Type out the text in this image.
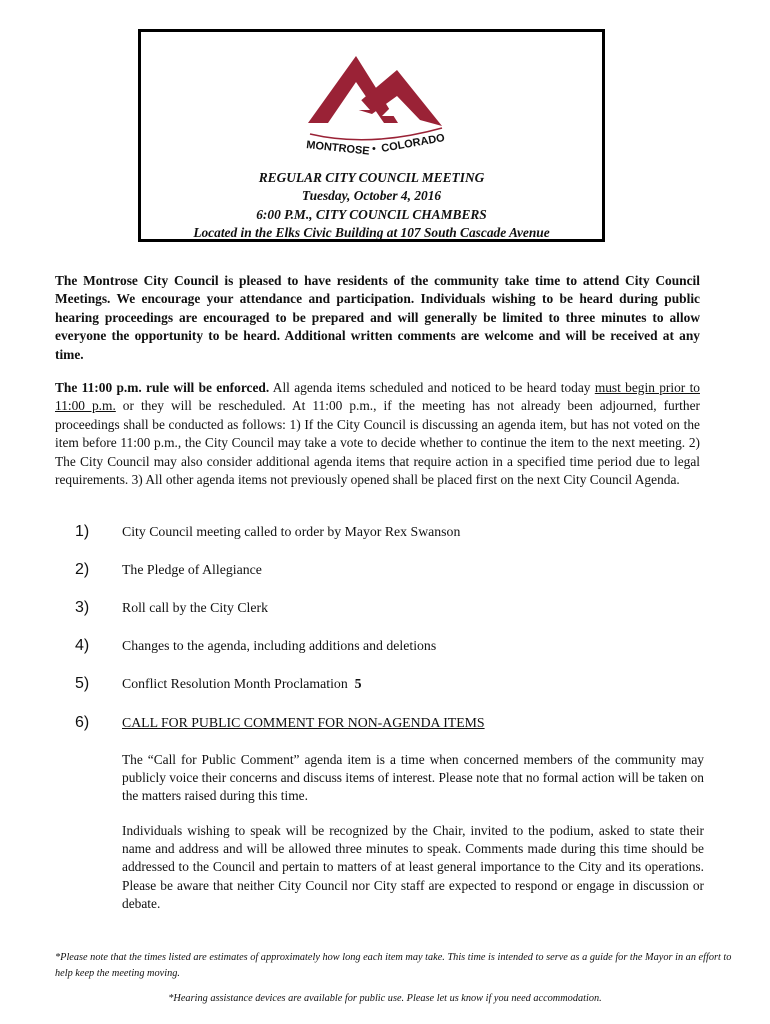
MONTROSE • COLORADO
REGULAR CITY COUNCIL MEETING
Tuesday, October 4, 2016
6:00 P.M., CITY COUNCIL CHAMBERS
Located in the Elks Civic Building at 107 South Cascade Avenue

The Montrose City Council is pleased to have residents of the community take time to attend City Council Meetings. We encourage your attendance and participation. Individuals wishing to be heard during public hearing proceedings are encouraged to be prepared and will generally be limited to three minutes to allow everyone the opportunity to be heard. Additional written comments are welcome and will be received at any time.

The 11:00 p.m. rule will be enforced. All agenda items scheduled and noticed to be heard today must begin prior to 11:00 p.m. or they will be rescheduled. At 11:00 p.m., if the meeting has not already been adjourned, further proceedings shall be conducted as follows: 1) If the City Council is discussing an agenda item, but has not voted on the item before 11:00 p.m., the City Council may take a vote to decide whether to continue the item to the next meeting. 2) The City Council may also consider additional agenda items that require action in a specified time period due to legal requirements. 3) All other agenda items not previously opened shall be placed first on the next City Council Agenda.

1) City Council meeting called to order by Mayor Rex Swanson
2) The Pledge of Allegiance
3) Roll call by the City Clerk
4) Changes to the agenda, including additions and deletions
5) Conflict Resolution Month Proclamation 5
6) CALL FOR PUBLIC COMMENT FOR NON-AGENDA ITEMS

The “Call for Public Comment” agenda item is a time when concerned members of the community may publicly voice their concerns and discuss items of interest. Please note that no formal action will be taken on the matters raised during this time.

Individuals wishing to speak will be recognized by the Chair, invited to the podium, asked to state their name and address and will be allowed three minutes to speak. Comments made during this time should be addressed to the Council and pertain to matters of at least general importance to the City and its operations. Please be aware that neither City Council nor City staff are expected to respond or engage in discussion or debate.

*Please note that the times listed are estimates of approximately how long each item may take. This time is intended to serve as a guide for the Mayor in an effort to help keep the meeting moving.

*Hearing assistance devices are available for public use. Please let us know if you need accommodation.
